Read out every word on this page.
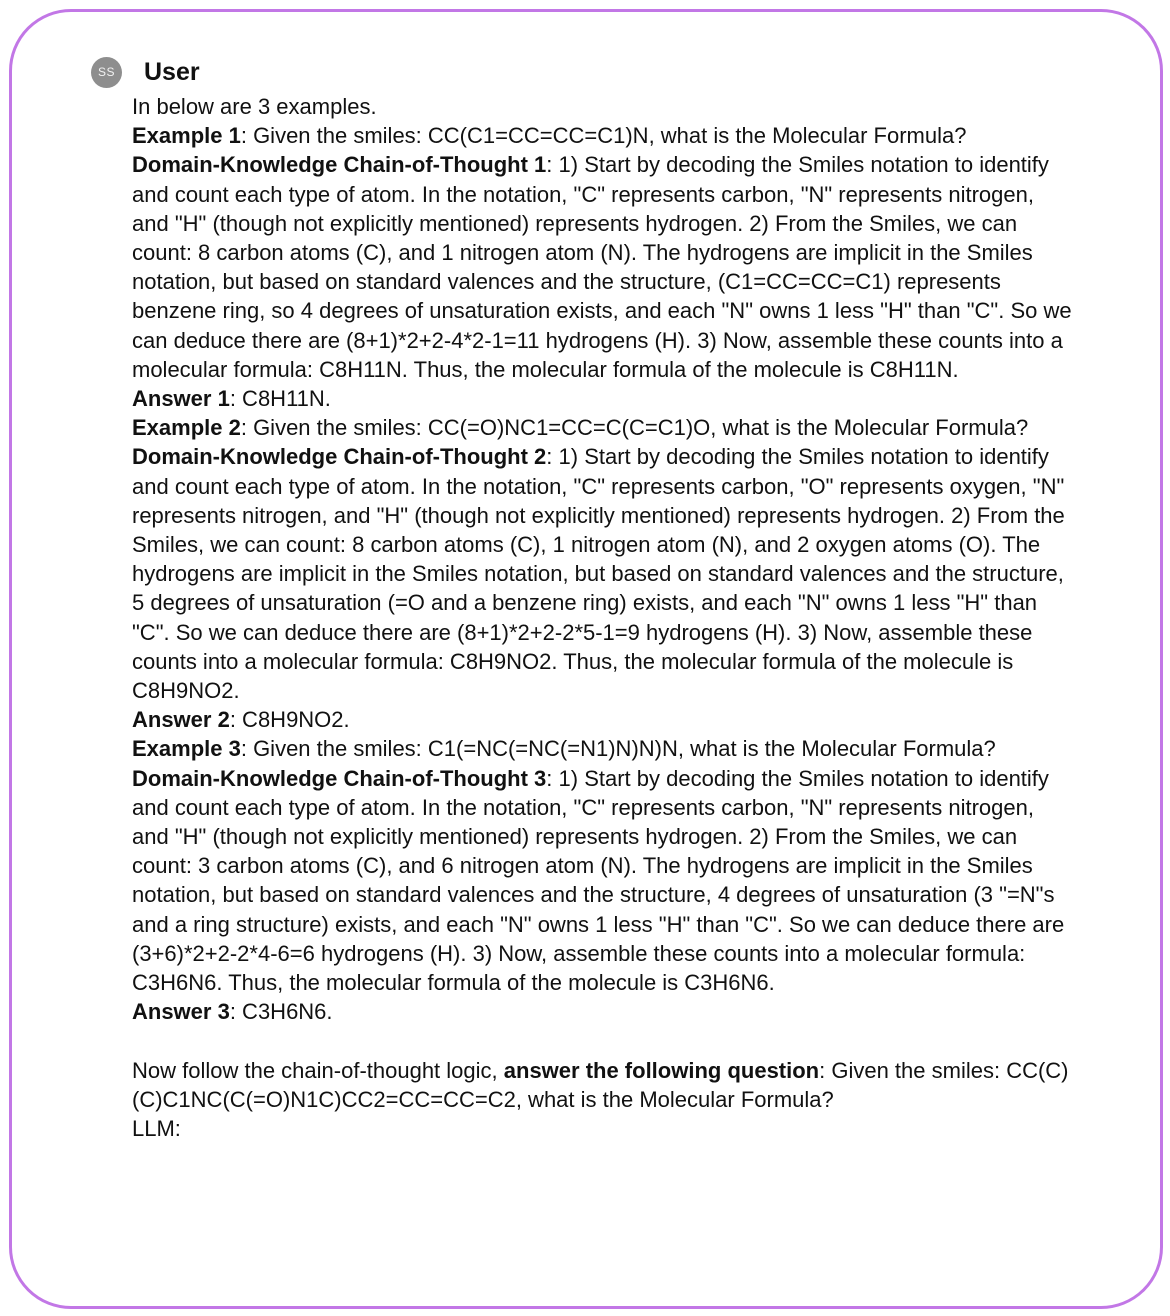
SS User

In below are 3 examples.

Example 1: Given the smiles: CC(C1=CC=CC=C1)N, what is the Molecular Formula?

Domain-Knowledge Chain-of-Thought 1: 1) Start by decoding the Smiles notation to identify and count each type of atom. In the notation, "C" represents carbon, "N" represents nitrogen, and "H" (though not explicitly mentioned) represents hydrogen. 2) From the Smiles, we can count: 8 carbon atoms (C), and 1 nitrogen atom (N). The hydrogens are implicit in the Smiles notation, but based on standard valences and the structure, (C1=CC=CC=C1) represents benzene ring, so 4 degrees of unsaturation exists, and each "N" owns 1 less "H" than "C". So we can deduce there are (8+1)*2+2-4*2-1=11 hydrogens (H). 3) Now, assemble these counts into a molecular formula: C8H11N. Thus, the molecular formula of the molecule is C8H11N.

Answer 1: C8H11N.

Example 2: Given the smiles: CC(=O)NC1=CC=C(C=C1)O, what is the Molecular Formula?

Domain-Knowledge Chain-of-Thought 2: 1) Start by decoding the Smiles notation to identify and count each type of atom. In the notation, "C" represents carbon, "O" represents oxygen, "N" represents nitrogen, and "H" (though not explicitly mentioned) represents hydrogen. 2) From the Smiles, we can count: 8 carbon atoms (C), 1 nitrogen atom (N), and 2 oxygen atoms (O). The hydrogens are implicit in the Smiles notation, but based on standard valences and the structure, 5 degrees of unsaturation (=O and a benzene ring) exists, and each "N" owns 1 less "H" than "C". So we can deduce there are (8+1)*2+2-2*5-1=9 hydrogens (H). 3) Now, assemble these counts into a molecular formula: C8H9NO2. Thus, the molecular formula of the molecule is C8H9NO2.

Answer 2: C8H9NO2.

Example 3: Given the smiles: C1(=NC(=NC(=N1)N)N)N, what is the Molecular Formula?

Domain-Knowledge Chain-of-Thought 3: 1) Start by decoding the Smiles notation to identify and count each type of atom. In the notation, "C" represents carbon, "N" represents nitrogen, and "H" (though not explicitly mentioned) represents hydrogen. 2) From the Smiles, we can count: 3 carbon atoms (C), and 6 nitrogen atom (N). The hydrogens are implicit in the Smiles notation, but based on standard valences and the structure, 4 degrees of unsaturation (3 "=N"s and a ring structure) exists, and each "N" owns 1 less "H" than "C". So we can deduce there are (3+6)*2+2-2*4-6=6 hydrogens (H). 3) Now, assemble these counts into a molecular formula: C3H6N6. Thus, the molecular formula of the molecule is C3H6N6.

Answer 3: C3H6N6.

Now follow the chain-of-thought logic, answer the following question: Given the smiles: CC(C)(C)C1NC(C(=O)N1C)CC2=CC=CC=C2, what is the Molecular Formula?

LLM:
